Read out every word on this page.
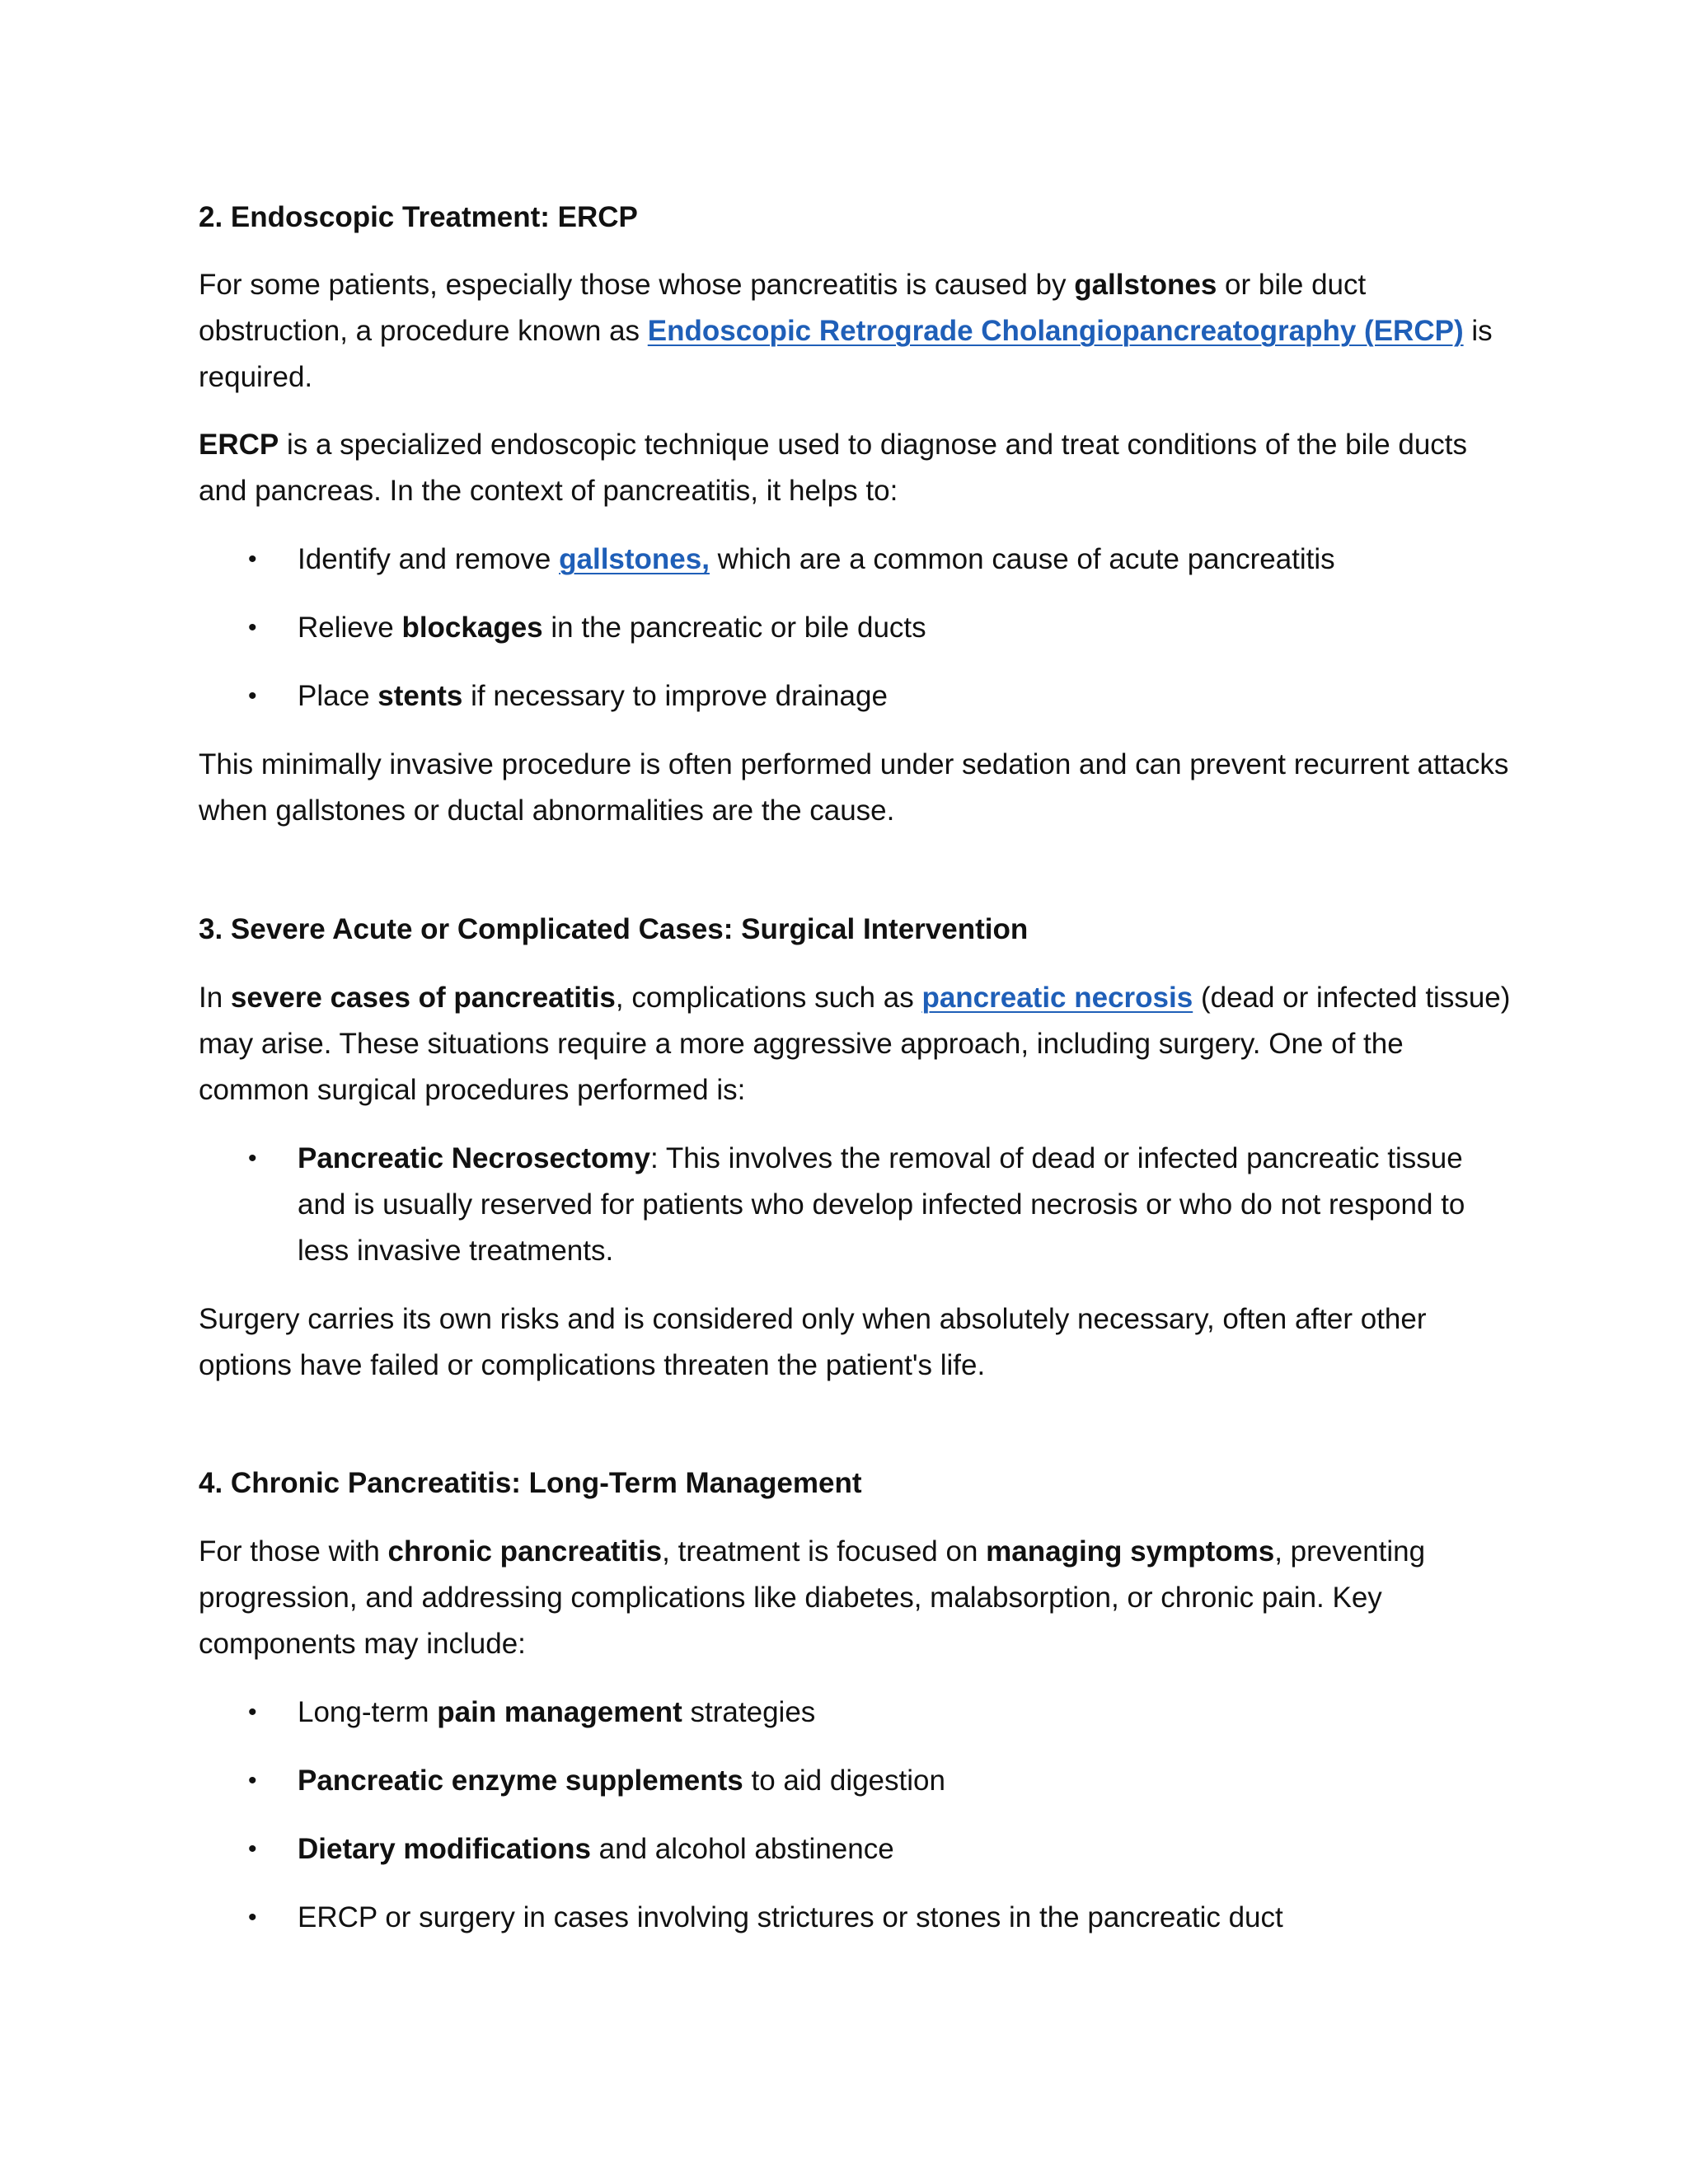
2. Endoscopic Treatment: ERCP

For some patients, especially those whose pancreatitis is caused by gallstones or bile duct obstruction, a procedure known as Endoscopic Retrograde Cholangiopancreatography (ERCP) is required.

ERCP is a specialized endoscopic technique used to diagnose and treat conditions of the bile ducts and pancreas. In the context of pancreatitis, it helps to:

• Identify and remove gallstones, which are a common cause of acute pancreatitis

• Relieve blockages in the pancreatic or bile ducts

• Place stents if necessary to improve drainage

This minimally invasive procedure is often performed under sedation and can prevent recurrent attacks when gallstones or ductal abnormalities are the cause.

3. Severe Acute or Complicated Cases: Surgical Intervention

In severe cases of pancreatitis, complications such as pancreatic necrosis (dead or infected tissue) may arise. These situations require a more aggressive approach, including surgery. One of the common surgical procedures performed is:

• Pancreatic Necrosectomy: This involves the removal of dead or infected pancreatic tissue and is usually reserved for patients who develop infected necrosis or who do not respond to less invasive treatments.

Surgery carries its own risks and is considered only when absolutely necessary, often after other options have failed or complications threaten the patient's life.

4. Chronic Pancreatitis: Long-Term Management

For those with chronic pancreatitis, treatment is focused on managing symptoms, preventing progression, and addressing complications like diabetes, malabsorption, or chronic pain. Key components may include:

• Long-term pain management strategies

• Pancreatic enzyme supplements to aid digestion

• Dietary modifications and alcohol abstinence

• ERCP or surgery in cases involving strictures or stones in the pancreatic duct
